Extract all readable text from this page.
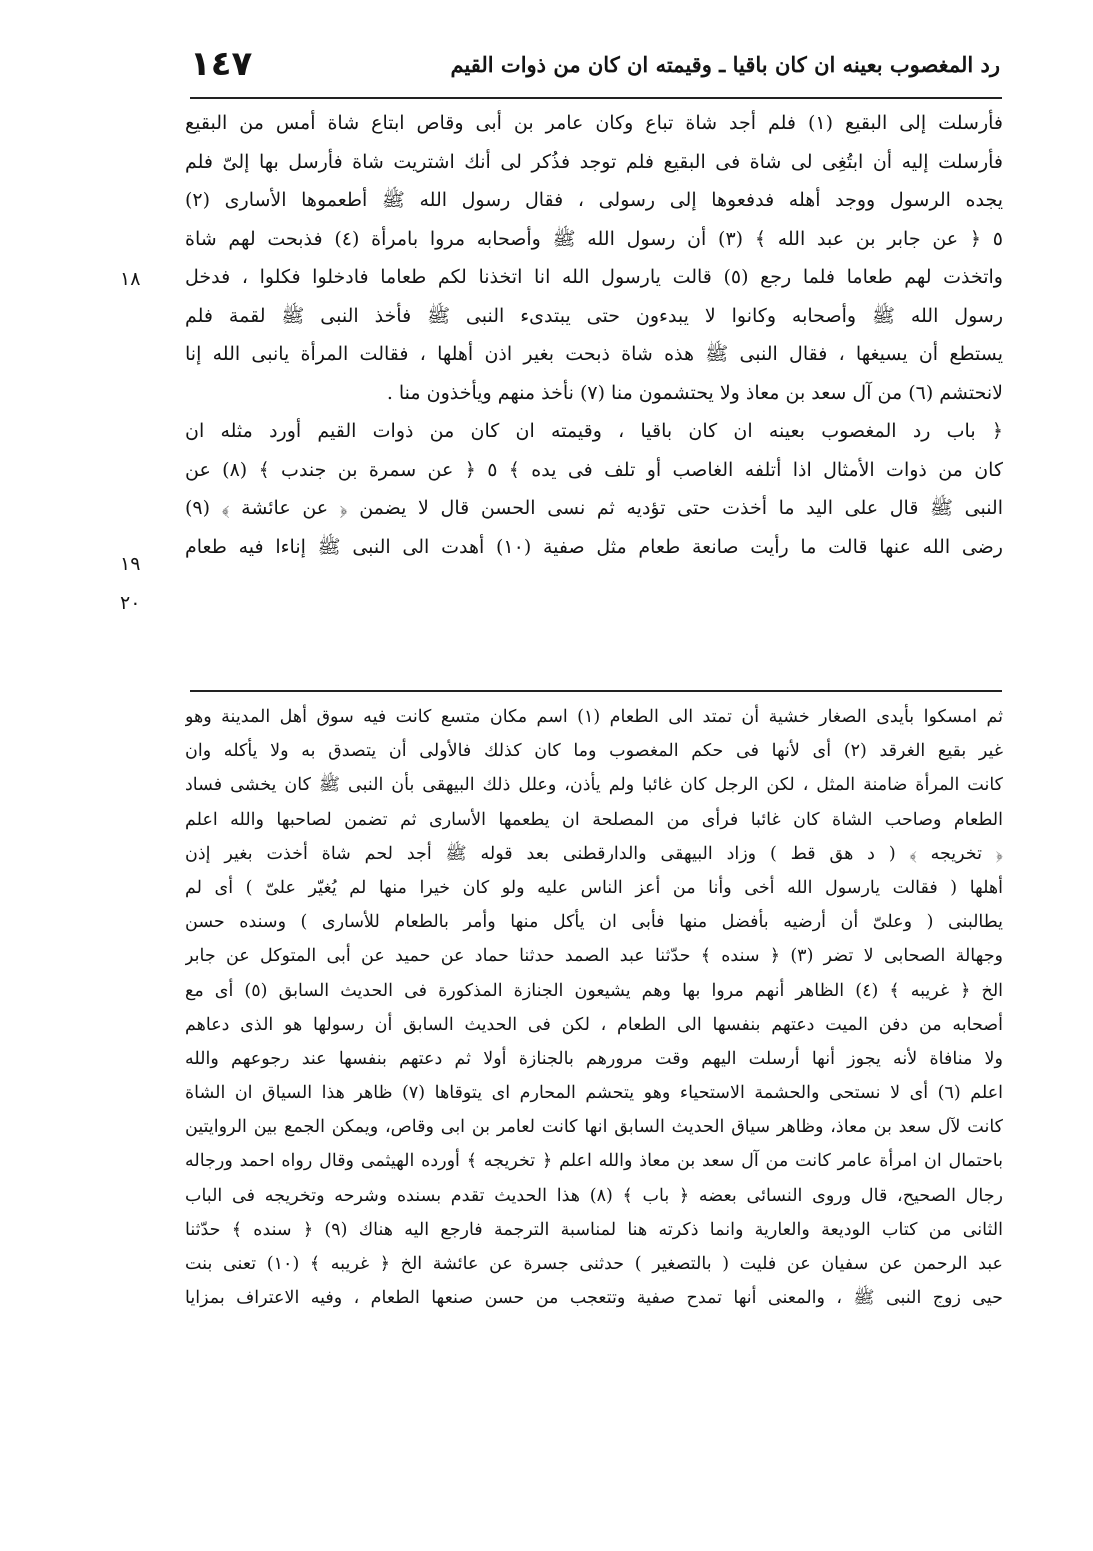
١٤٧	رد المغصوب بعينه ان كان باقيا ـ وقيمته ان كان من ذوات القيم
١٨
١٩
٢٠
فأرسلت إلى البقيع (١) فلم أجد شاة تباع وكان عامر بن أبى وقاص ابتاع شاة أمس من البقيع
فأرسلت إليه أن ابتُغِى لى شاة فى البقيع فلم توجد فذُكر لى أنك اشتريت شاة فأرسل بها إلىّ فلم
يجده الرسول ووجد أهله فدفعوها إلى رسولى ، فقال رسول الله ﷺ أطعموها الأسارى (٢)
٥ ﴿ عن جابر بن عبد الله ﴾ (٣) أن رسول الله ﷺ وأصحابه مروا بامرأة (٤) فذبحت لهم شاة
واتخذت لهم طعاما فلما رجع (٥) قالت يارسول الله انا اتخذنا لكم طعاما فادخلوا فكلوا ، فدخل
رسول الله ﷺ وأصحابه وكانوا لا يبدءون حتى يبتدىء النبى ﷺ فأخذ النبى ﷺ لقمة فلم
يستطع أن يسيغها ، فقال النبى ﷺ هذه شاة ذبحت بغير اذن أهلها ، فقالت المرأة يانبى الله إنا
لانحتشم (٦) من آل سعد بن معاذ ولا يحتشمون منا (٧) نأخذ منهم ويأخذون منا .
﴿ باب رد المغصوب بعينه ان كان باقيا ، وقيمته ان كان من ذوات القيم أورد مثله ان
كان من ذوات الأمثال اذا أتلفه الغاصب أو تلف فى يده ﴾ ٥ ﴿ عن سمرة بن جندب ﴾ (٨) عن
النبى ﷺ قال على اليد ما أخذت حتى تؤديه ثم نسى الحسن قال لا يضمن ﴿ عن عائشة ﴾ (٩)
رضى الله عنها قالت ما رأيت صانعة طعام مثل صفية (١٠) أهدت الى النبى ﷺ إناءا فيه طعام
ثم امسكوا بأيدى الصغار خشية أن تمتد الى الطعام (١) اسم مكان متسع كانت فيه سوق أهل المدينة وهو
غير بقيع الغرقد (٢) أى لأنها فى حكم المغصوب وما كان كذلك فالأولى أن يتصدق به ولا يأكله وان
كانت المرأة ضامنة المثل ، لكن الرجل كان غائبا ولم يأذن، وعلل ذلك البيهقى بأن النبى ﷺ كان يخشى فساد
الطعام وصاحب الشاة كان غائبا فرأى من المصلحة ان يطعمها الأسارى ثم تضمن لصاحبها والله اعلم
﴿ تخريجه ﴾ ( د هق قط ) وزاد البيهقى والدارقطنى بعد قوله ﷺ أجد لحم شاة أخذت بغير إذن
أهلها ( فقالت يارسول الله أخى وأنا من أعز الناس عليه ولو كان خيرا منها لم يُغيّر علىّ ) أى لم
يطالبنى ( وعلىّ أن أرضيه بأفضل منها فأبى ان يأكل منها وأمر بالطعام للأسارى ) وسنده حسن
وجهالة الصحابى لا تضر (٣) ﴿ سنده ﴾ حدّثنا عبد الصمد حدثنا حماد عن حميد عن أبى المتوكل عن جابر
الخ ﴿ غريبه ﴾ (٤) الظاهر أنهم مروا بها وهم يشيعون الجنازة المذكورة فى الحديث السابق (٥) أى مع
أصحابه من دفن الميت دعتهم بنفسها الى الطعام ، لكن فى الحديث السابق أن رسولها هو الذى دعاهم
ولا منافاة لأنه يجوز أنها أرسلت اليهم وقت مرورهم بالجنازة أولا ثم دعتهم بنفسها عند رجوعهم والله
اعلم (٦) أى لا نستحى والحشمة الاستحياء وهو يتحشم المحارم اى يتوقاها (٧) ظاهر هذا السياق ان الشاة
كانت لآل سعد بن معاذ، وظاهر سياق الحديث السابق انها كانت لعامر بن ابى وقاص، ويمكن الجمع بين الروايتين
باحتمال ان امرأة عامر كانت من آل سعد بن معاذ والله اعلم ﴿ تخريجه ﴾ أورده الهيثمى وقال رواه احمد ورجاله
رجال الصحيح، قال وروى النسائى بعضه ﴿ باب ﴾ (٨) هذا الحديث تقدم بسنده وشرحه وتخريجه فى الباب
الثانى من كتاب الوديعة والعارية وانما ذكرته هنا لمناسبة الترجمة فارجع اليه هناك (٩) ﴿ سنده ﴾ حدّثنا
عبد الرحمن عن سفيان عن فليت ( بالتصغير ) حدثنى جسرة عن عائشة الخ ﴿ غريبه ﴾ (١٠) تعنى بنت
حيى زوج النبى ﷺ ، والمعنى أنها تمدح صفية وتتعجب من حسن صنعها الطعام ، وفيه الاعتراف بمزايا
